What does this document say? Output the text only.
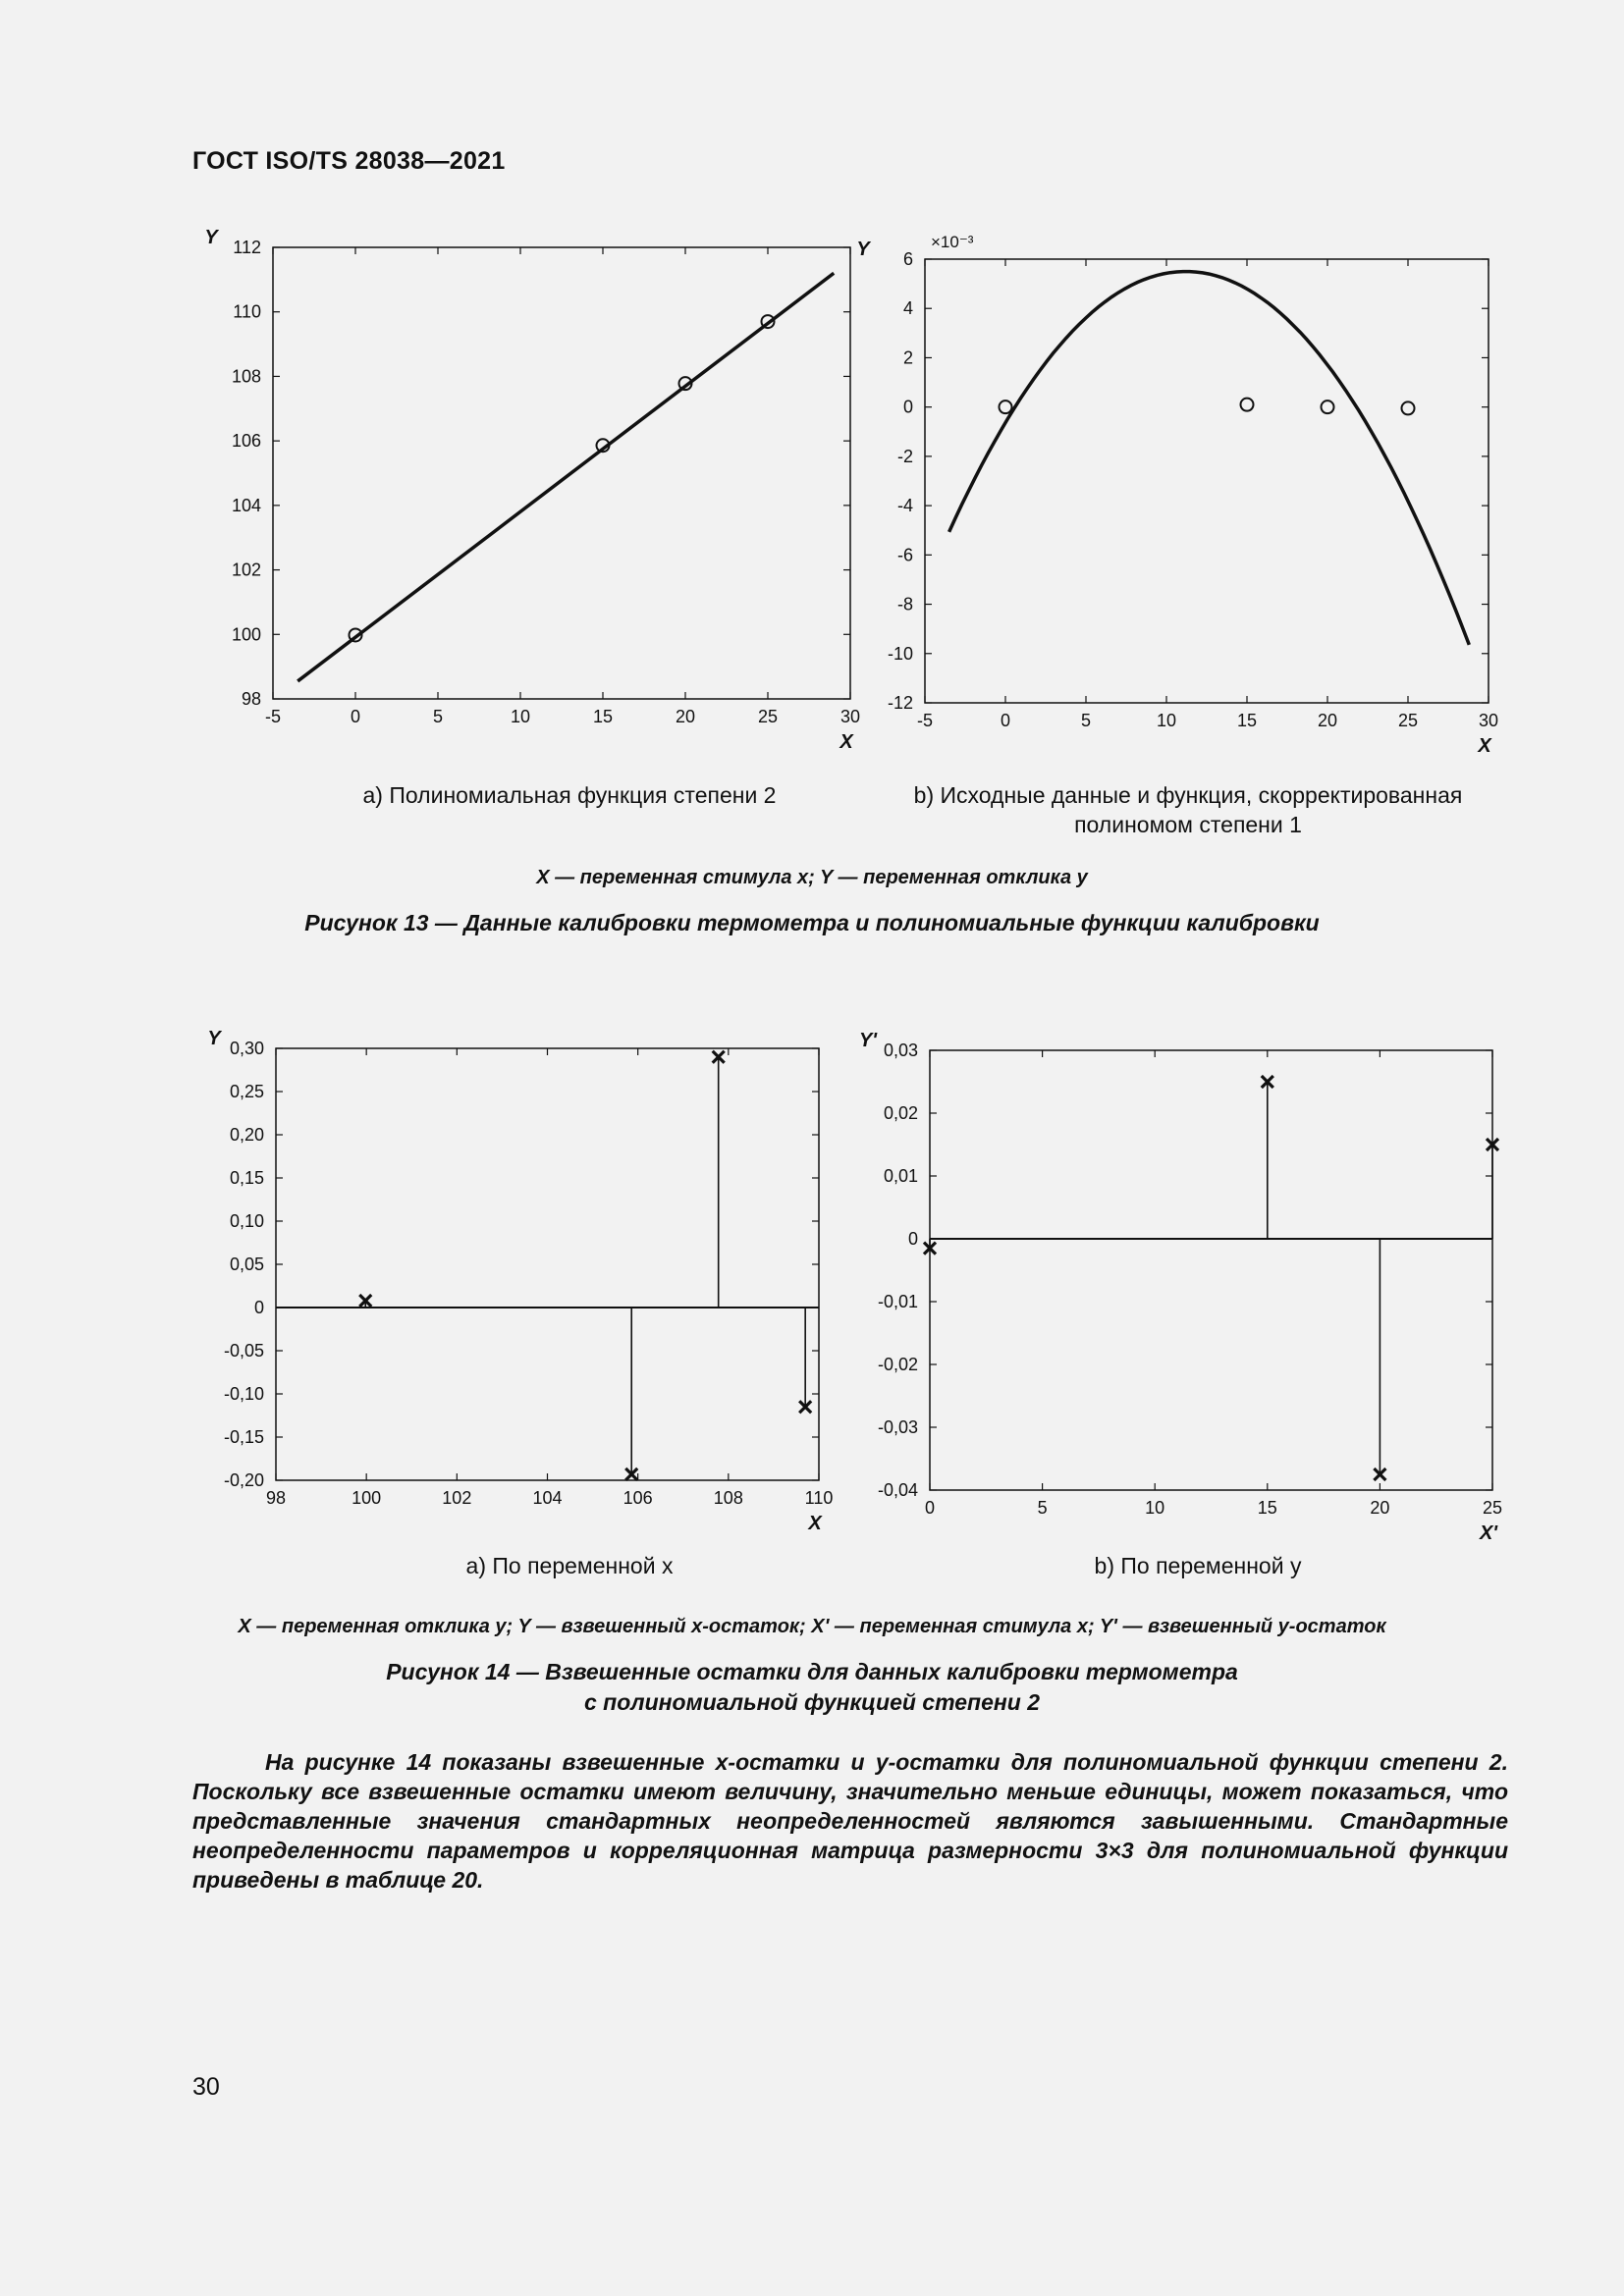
ГОСТ ISO/TS 28038—2021
-5	0	5	10	15	20	25	30
98
100
102
104
106
108
110
112
X
Y
-5	0	5	10	15	20	25	30
-12
-10
-8
-6
-4
-2
0
2
4
6
X
Y	×10⁻³
а) Полиномиальная функция степени 2	b) Исходные данные и функция, скорректированная
полиномом степени 1
X — переменная стимула x; Y — переменная отклика y
Рисунок 13 — Данные калибровки термометра и полиномиальные функции калибровки
98	100	102	104	106	108	110
-0,20
-0,15
-0,10
-0,05
0
0,05
0,10
0,15
0,20
0,25
0,30
X
Y
0	5	10	15	20	25
-0,04
-0,03
-0,02
-0,01
0
0,01
0,02
0,03
X'
Y'
а) По переменной x	b) По переменной y
X — переменная отклика y; Y — взвешенный x-остаток; X' — переменная стимула x; Y' — взвешенный y-остаток
Рисунок 14 — Взвешенные остатки для данных калибровки термометра
с полиномиальной функцией степени 2
На рисунке 14 показаны взвешенные x-остатки и y-остатки для полиномиальной функции степени 2. Поскольку все взвешенные остатки имеют величину, значительно меньше единицы, может показаться, что представленные значения стандартных неопределенностей являются завышенными. Стандартные неопределенности параметров и корреляционная матрица размерности 3×3 для полиномиальной функции приведены в таблице 20.
30
